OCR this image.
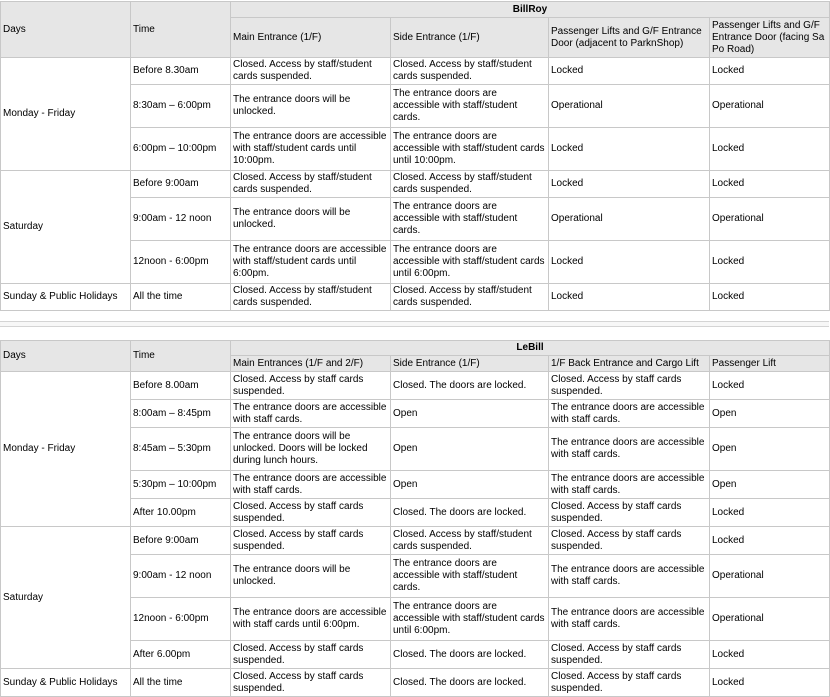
Days	Time	BillRoy			
		Main Entrance (1/F)	Side Entrance (1/F)	Passenger Lifts and G/F Entrance Door (adjacent to ParknShop)	Passenger Lifts and G/F Entrance Door (facing Sa Po Road)
Monday - Friday	Before 8.30am	Closed. Access by staff/student cards suspended.	Closed. Access by staff/student cards suspended.	Locked	Locked
	8:30am – 6:00pm	The entrance doors will be unlocked.	The entrance doors are accessible with staff/student cards.	Operational	Operational
	6:00pm – 10:00pm	The entrance doors are accessible with staff/student cards until 10:00pm.	The entrance doors are accessible with staff/student cards until 10:00pm.	Locked	Locked
Saturday	Before 9:00am	Closed. Access by staff/student cards suspended.	Closed. Access by staff/student cards suspended.	Locked	Locked
	9:00am - 12 noon	The entrance doors will be unlocked.	The entrance doors are accessible with staff/student cards.	Operational	Operational
	12noon - 6:00pm	The entrance doors are accessible with staff/student cards until 6:00pm.	The entrance doors are accessible with staff/student cards until 6:00pm.	Locked	Locked
Sunday & Public Holidays	All the time	Closed. Access by staff/student cards suspended.	Closed. Access by staff/student cards suspended.	Locked	Locked
Days	Time	LeBill			
		Main Entrances (1/F and 2/F)	Side Entrance (1/F)	1/F Back Entrance and Cargo Lift	Passenger Lift
Monday - Friday	Before 8.00am	Closed. Access by staff cards suspended.	Closed. The doors are locked.	Closed. Access by staff cards suspended.	Locked
	8:00am – 8:45pm	The entrance doors are accessible with staff cards.	Open	The entrance doors are accessible with staff cards.	Open
	8:45am – 5:30pm	The entrance doors will be unlocked. Doors will be locked during lunch hours.	Open	The entrance doors are accessible with staff cards.	Open
	5:30pm – 10:00pm	The entrance doors are accessible with staff cards.	Open	The entrance doors are accessible with staff cards.	Open
	After 10.00pm	Closed. Access by staff cards suspended.	Closed. The doors are locked.	Closed. Access by staff cards suspended.	Locked
Saturday	Before 9:00am	Closed. Access by staff cards suspended.	Closed. Access by staff/student cards suspended.	Closed. Access by staff cards suspended.	Locked
	9:00am - 12 noon	The entrance doors will be unlocked.	The entrance doors are accessible with staff/student cards.	The entrance doors are accessible with staff cards.	Operational
	12noon - 6:00pm	The entrance doors are accessible with staff cards until 6:00pm.	The entrance doors are accessible with staff/student cards until 6:00pm.	The entrance doors are accessible with staff cards.	Operational
	After 6.00pm	Closed. Access by staff cards suspended.	Closed. The doors are locked.	Closed. Access by staff cards suspended.	Locked
Sunday & Public Holidays	All the time	Closed. Access by staff cards suspended.	Closed. The doors are locked.	Closed. Access by staff cards suspended.	Locked
